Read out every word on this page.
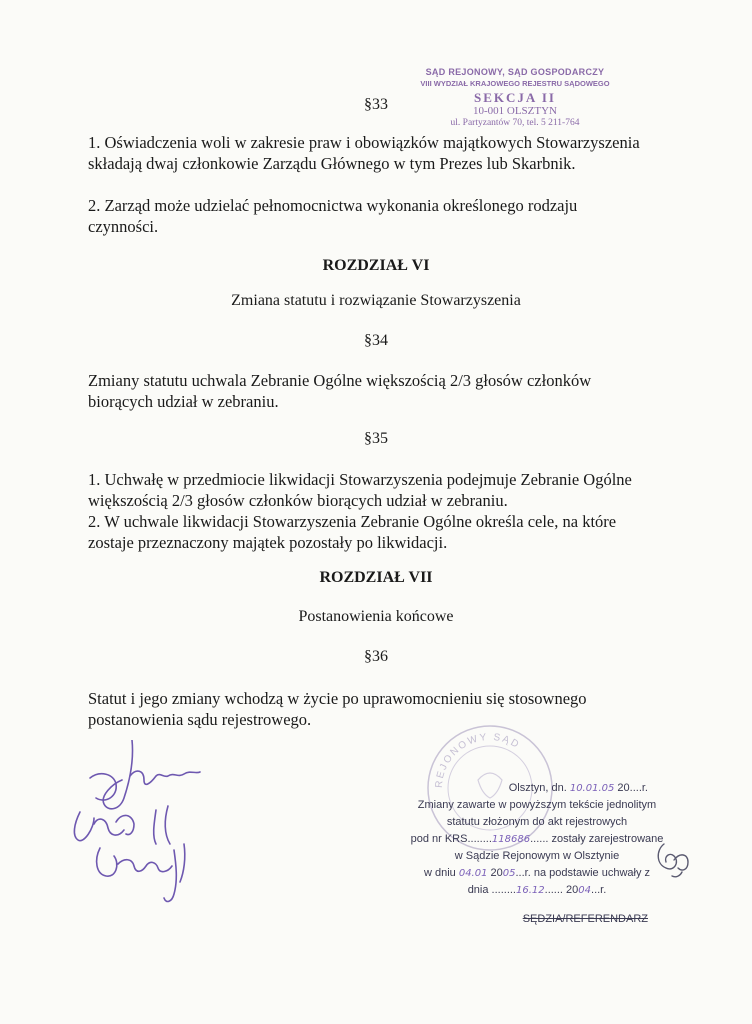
SĄD REJONOWY, SĄD GOSPODARCZY
VIII WYDZIAŁ KRAJOWEGO REJESTRU SĄDOWEGO
SEKCJA II
10-001 OLSZTYN
ul. Partyzantów 70, tel. 5 211-764

§33

1. Oświadczenia woli w zakresie praw i obowiązków majątkowych Stowarzyszenia składają dwaj członkowie Zarządu Głównego w tym Prezes lub Skarbnik.

2. Zarząd może udzielać pełnomocnictwa wykonania określonego rodzaju czynności.

ROZDZIAŁ VI

Zmiana statutu i rozwiązanie Stowarzyszenia

§34

Zmiany statutu uchwala Zebranie Ogólne większością 2/3 głosów członków biorących udział w zebraniu.

§35

1. Uchwałę w przedmiocie likwidacji Stowarzyszenia podejmuje Zebranie Ogólne większością 2/3 głosów członków biorących udział w zebraniu.

2. W uchwale likwidacji Stowarzyszenia Zebranie Ogólne określa cele, na które zostaje przeznaczony majątek pozostały po likwidacji.

ROZDZIAŁ VII

Postanowienia końcowe

§36

Statut i jego zmiany wchodzą w życie po uprawomocnieniu się stosownego postanowienia sądu rejestrowego.

REJONOWY SĄD
Olsztyn, dn. 10.01.05 20....r.
Zmiany zawarte w powyższym tekście jednolitym
statutu złożonym do akt rejestrowych
pod nr KRS........118686...... zostały zarejestrowane
w Sądzie Rejonowym w Olsztynie
w dniu 04.01 2005...r. na podstawie uchwały z
dnia ........16.12...... 2004...r.
SĘDZIA/REFERENDARZ
